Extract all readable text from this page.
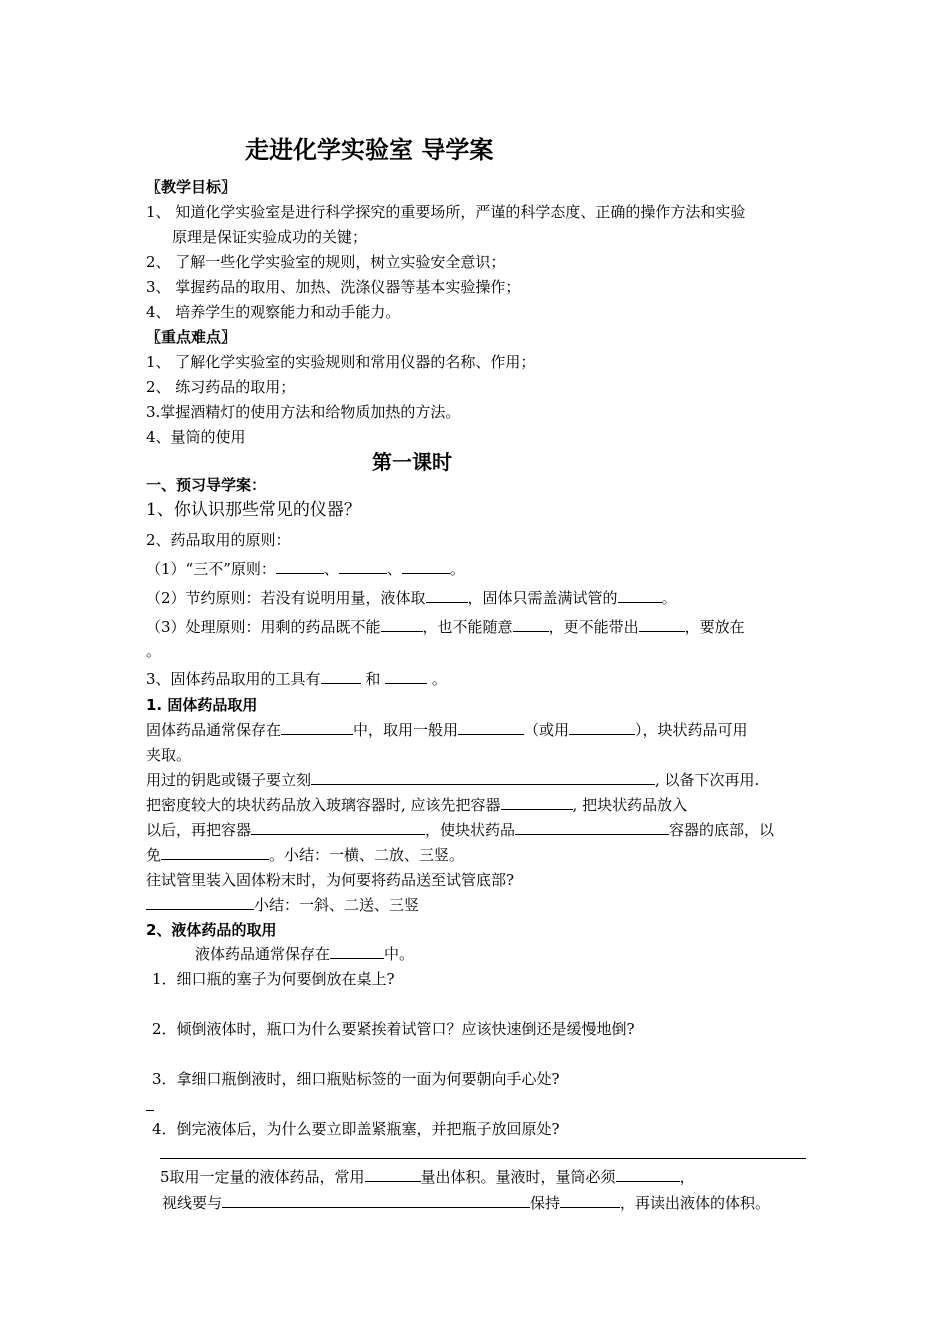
走进化学实验室 导学案
〖教学目标〗
1、 知道化学实验室是进行科学探究的重要场所，严谨的科学态度、正确的操作方法和实验
原理是保证实验成功的关键；
2、 了解一些化学实验室的规则，树立实验安全意识；
3、 掌握药品的取用、加热、洗涤仪器等基本实验操作；
4、 培养学生的观察能力和动手能力。
〖重点难点〗
1、 了解化学实验室的实验规则和常用仪器的名称、作用；
2、 练习药品的取用；
3.掌握酒精灯的使用方法和给物质加热的方法。
4、量筒的使用
第一课时
一、预习导学案：
1、你认识那些常见的仪器？
2、药品取用的原则：
（1）“三不”原则：	、	、	。
（2）节约原则：若没有说明用量，液体取	，固体只需盖满试管的	。
（3）处理原则：用剩的药品既不能	，也不能随意 ，更不能带出	，要放在
。
3、固体药品取用的工具有	和	。
1. 固体药品取用
固体药品通常保存在	中，取用一般用	（或用	），块状药品可用
夹取。
用过的钥匙或镊子要立刻	, 以备下次再用.
把密度较大的块状药品放入玻璃容器时, 应该先把容器	, 把块状药品放入
以后，再把容器	，使块状药品	容器的底部，以
免	。小结：一横、二放、三竖。
往试管里装入固体粉末时，为何要将药品送至试管底部?
小结：一斜、二送、三竖
2、液体药品的取用
液体药品通常保存在	中。
1．细口瓶的塞子为何要倒放在桌上?
2．倾倒液体时，瓶口为什么要紧挨着试管口？应该快速倒还是缓慢地倒?
3．拿细口瓶倒液时，细口瓶贴标签的一面为何要朝向手心处?
4．倒完液体后，为什么要立即盖紧瓶塞，并把瓶子放回原处?
5取用一定量的液体药品，常用	量出体积。量液时，量筒必须	，
视线要与	保持	，再读出液体的体积。
